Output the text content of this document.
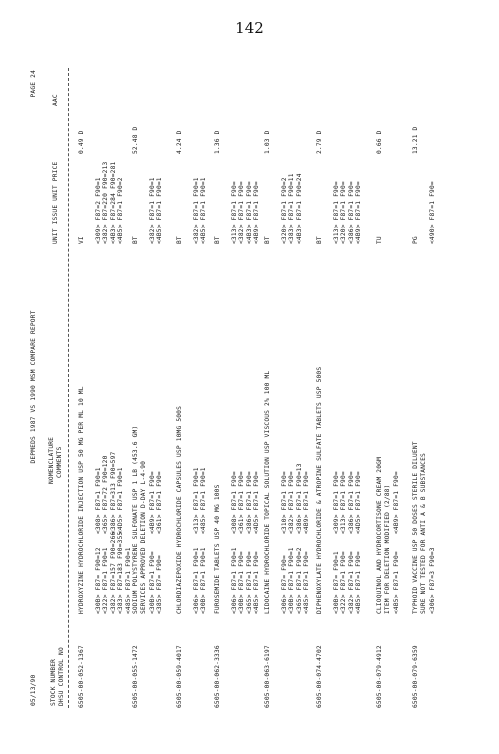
142
05/13/90
DEPMEDS 1987 VS 1990 MSM COMPARE REPORT
PAGE 24
STOCK NUMBER DHSU CONTROL NO
NOMENCLATURE COMMENTS
UNIT ISSUE UNIT PRICE
AAC
6505-00-052-1367
HYDROXYZINE HYDROCHLORIDE INJECTION USP 50 MG PER ML 10 ML
VI
0.49 D
<30B> F87= F90=12 <322> F87=1 F90=1 <382> F87=157 F90=266 <383> F87=183 F90=355 <485> F87=1 F90=1
<308> F87=1 F90=1 <365> F87=72 F90=120 <386> F87=313 F90=597 <4D5> F87=1 F90=1
<309> F87=2 F90=1 <382> F87=220 F90=213 <4B3> F87=284 F90=281 <4B5> F87=1 F90=2
6505-00-055-1472
SODIUM POLYSTYRENE SULFONATE USP 1 LB (453.6 GM) SERVICES APPROVED DELETION D-DAY L-4-90
BT
52.48 D
<30B> F87=1 F90= <385> F87= F90=
<4B9> F87=1 F90= <361> F87=1 F90=
<382> F87=1 F90=1 <4B5> F87=1 F90=1
6505-00-059-4017
CHLORDIAZEPOXIDE HYDROCHLORIDE CAPSULES USP 10MG 500S
BT
4.24 D
<306> F87=1 F90=1 <30B> F87=1 F90=1
<313> F87=1 F90=1 <485> F87=1 F90=1
<382> F87=1 F90=1 <4B5> F87=1 F90=1
6505-00-062-3336
FUROSEMIDE TABLETS USP 40 MG 100S
BT
1.36 D
<306> F87=1 F90=1 <30B> F87=1 F90= <365> F87=1 F90= <4B5> F87=1 F90=
<308> F87=1 F90= <361> F87=1 F90= <386> F87=1 F90= <4D5> F87=1 F90=
<313> F87=1 F90= <382> F87=1 F90= <4B3> F87=1 F90= <4B9> F87=1 F90=
6505-00-063-6197
LIDOCAINE HYDROCHLORIDE TOPICAL SOLUTION USP VISCOUS 2% 100 ML
BT
1.03 D
<306> F87= F90= <30B> F87=1 F90=1 <365> F87=1 F90=2 <485> F87=1 F90=
<310> F87=1 F90= <382> F87=1 F90= <386> F87=1 F90=13 <4B9> F87=1 F90=
<320> F87=1 F90=2 <383> F87=1 F90=11 <4B3> F87=1 F90=24
6505-00-074-4702
DIPHENOXYLATE HYDROCHLORIDE & ATROPINE SULFATE TABLETS USP 500S
BT
2.79 D
<30B> F87= F90=1 <322> F87=1 F90= <382> F87=1 F90= <4B5> F87=1 F90=
<309> F87=1 F90= <313> F87=1 F90= <386> F87=1 F90= <4D5> F87=1 F90=
<313> F87=1 F90= <320> F87=1 F90= <386> F87=1 F90= <4B9> F87=1 F90=
6505-00-079-4912
CLIOQUINOL AND HYDROCORTISONE CREAM 20GM ITEM FOR DELETION MODIFIED (2/88)
TU
0.66 D
<4B5> F87=1 F90=
<4B9> F87=1 F90=
6505-00-079-6359
TYPHOID VACCINE USP 50 DOSES STERILE DILUENT SURE NOT TESTED FOR ANTI A & B SUBSTANCES
PG
13.21 D
<306> F87=3 F90=3
<490> F87=1 F90=
